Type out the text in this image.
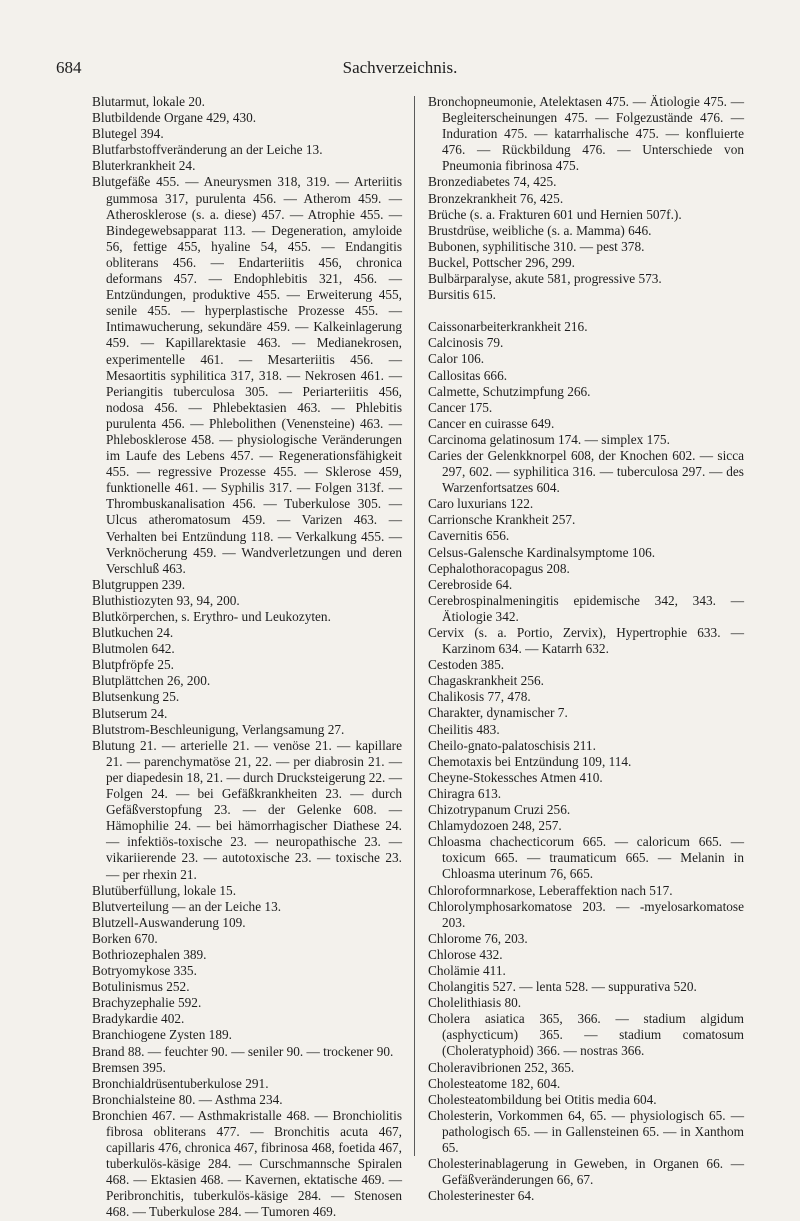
684	Sachverzeichnis.

Blutarmut, lokale 20.

Blutbildende Organe 429, 430.

Blutegel 394.

Blutfarbstoffveränderung an der Leiche 13.

Bluterkrankheit 24.

Blutgefäße 455. — Aneurysmen 318, 319. — Arteriitis gummosa 317, purulenta 456. — Atherom 459. — Atherosklerose (s. a. diese) 457. — Atrophie 455. — Bindegewebsapparat 113. — Degeneration, amyloide 56, fettige 455, hyaline 54, 455. — Endangitis obliterans 456. — Endarteriitis 456, chronica deformans 457. — Endophlebitis 321, 456. — Entzündungen, produktive 455. — Erweiterung 455, senile 455. — hyperplastische Prozesse 455. — Intimawucherung, sekundäre 459. — Kalkeinlagerung 459. — Kapillarektasie 463. — Medianekrosen, experimentelle 461. — Mesarteriitis 456. — Mesaortitis syphilitica 317, 318. — Nekrosen 461. — Periangitis tuberculosa 305. — Periarteriitis 456, nodosa 456. — Phlebektasien 463. — Phlebitis purulenta 456. — Phlebolithen (Venensteine) 463. — Phlebosklerose 458. — physiologische Veränderungen im Laufe des Lebens 457. — Regenerationsfähigkeit 455. — regressive Prozesse 455. — Sklerose 459, funktionelle 461. — Syphilis 317. — Folgen 313f. — Thrombuskanalisation 456. — Tuberkulose 305. — Ulcus atheromatosum 459. — Varizen 463. — Verhalten bei Entzündung 118. — Verkalkung 455. — Verknöcherung 459. — Wandverletzungen und deren Verschluß 463.

Blutgruppen 239.

Bluthistiozyten 93, 94, 200.

Blutkörperchen, s. Erythro- und Leukozyten.

Blutkuchen 24.

Blutmolen 642.

Blutpfröpfe 25.

Blutplättchen 26, 200.

Blutsenkung 25.

Blutserum 24.

Blutstrom-Beschleunigung, Verlangsamung 27.

Blutung 21. — arterielle 21. — venöse 21. — kapillare 21. — parenchymatöse 21, 22. — per diabrosin 21. — per diapedesin 18, 21. — durch Drucksteigerung 22. — Folgen 24. — bei Gefäßkrankheiten 23. — durch Gefäßverstopfung 23. — der Gelenke 608. — Hämophilie 24. — bei hämorrhagischer Diathese 24. — infektiös-toxische 23. — neuropathische 23. — vikariierende 23. — autotoxische 23. — toxische 23. — per rhexin 21.

Blutüberfüllung, lokale 15.

Blutverteilung — an der Leiche 13.

Blutzell-Auswanderung 109.

Borken 670.

Bothriozephalen 389.

Botryomykose 335.

Botulinismus 252.

Brachyzephalie 592.

Bradykardie 402.

Branchiogene Zysten 189.

Brand 88. — feuchter 90. — seniler 90. — trockener 90.

Bremsen 395.

Bronchialdrüsentuberkulose 291.

Bronchialsteine 80. — Asthma 234.

Bronchien 467. — Asthmakristalle 468. — Bronchiolitis fibrosa obliterans 477. — Bronchitis acuta 467, capillaris 476, chronica 467, fibrinosa 468, foetida 467, tuberkulös-käsige 284. — Curschmannsche Spiralen 468. — Ektasien 468. — Kavernen, ektatische 469. — Peribronchitis, tuberkulös-käsige 284. — Stenosen 468. — Tuberkulose 284. — Tumoren 469.

Bronchopneumonie, Atelektasen 475. — Ätiologie 475. — Begleiterscheinungen 475. — Folgezustände 476. — Induration 475. — katarrhalische 475. — konfluierte 476. — Rückbildung 476. — Unterschiede von Pneumonia fibrinosa 475.

Bronzediabetes 74, 425.

Bronzekrankheit 76, 425.

Brüche (s. a. Frakturen 601 und Hernien 507f.).

Brustdrüse, weibliche (s. a. Mamma) 646.

Bubonen, syphilitische 310. — pest 378.

Buckel, Pottscher 296, 299.

Bulbärparalyse, akute 581, progressive 573.

Bursitis 615.

Caissonarbeiterkrankheit 216.

Calcinosis 79.

Calor 106.

Callositas 666.

Calmette, Schutzimpfung 266.

Cancer 175.

Cancer en cuirasse 649.

Carcinoma gelatinosum 174. — simplex 175.

Caries der Gelenkknorpel 608, der Knochen 602. — sicca 297, 602. — syphilitica 316. — tuberculosa 297. — des Warzenfortsatzes 604.

Caro luxurians 122.

Carrionsche Krankheit 257.

Cavernitis 656.

Celsus-Galensche Kardinalsymptome 106.

Cephalothoracopagus 208.

Cerebroside 64.

Cerebrospinalmeningitis epidemische 342, 343. — Ätiologie 342.

Cervix (s. a. Portio, Zervix), Hypertrophie 633. — Karzinom 634. — Katarrh 632.

Cestoden 385.

Chagaskrankheit 256.

Chalikosis 77, 478.

Charakter, dynamischer 7.

Cheilitis 483.

Cheilo-gnato-palatoschisis 211.

Chemotaxis bei Entzündung 109, 114.

Cheyne-Stokessches Atmen 410.

Chiragra 613.

Chizotrypanum Cruzi 256.

Chlamydozoen 248, 257.

Chloasma chachecticorum 665. — caloricum 665. — toxicum 665. — traumaticum 665. — Melanin in Chloasma uterinum 76, 665.

Chloroformnarkose, Leberaffektion nach 517.

Chlorolymphosarkomatose 203. — -myelosarkomatose 203.

Chlorome 76, 203.

Chlorose 432.

Cholämie 411.

Cholangitis 527. — lenta 528. — suppurativa 520.

Cholelithiasis 80.

Cholera asiatica 365, 366. — stadium algidum (asphycticum) 365. — stadium comatosum (Choleratyphoid) 366. — nostras 366.

Choleravibrionen 252, 365.

Cholesteatome 182, 604.

Cholesteatombildung bei Otitis media 604.

Cholesterin, Vorkommen 64, 65. — physiologisch 65. — pathologisch 65. — in Gallensteinen 65. — in Xanthom 65.

Cholesterinablagerung in Geweben, in Organen 66. — Gefäßveränderungen 66, 67.

Cholesterinester 64.
